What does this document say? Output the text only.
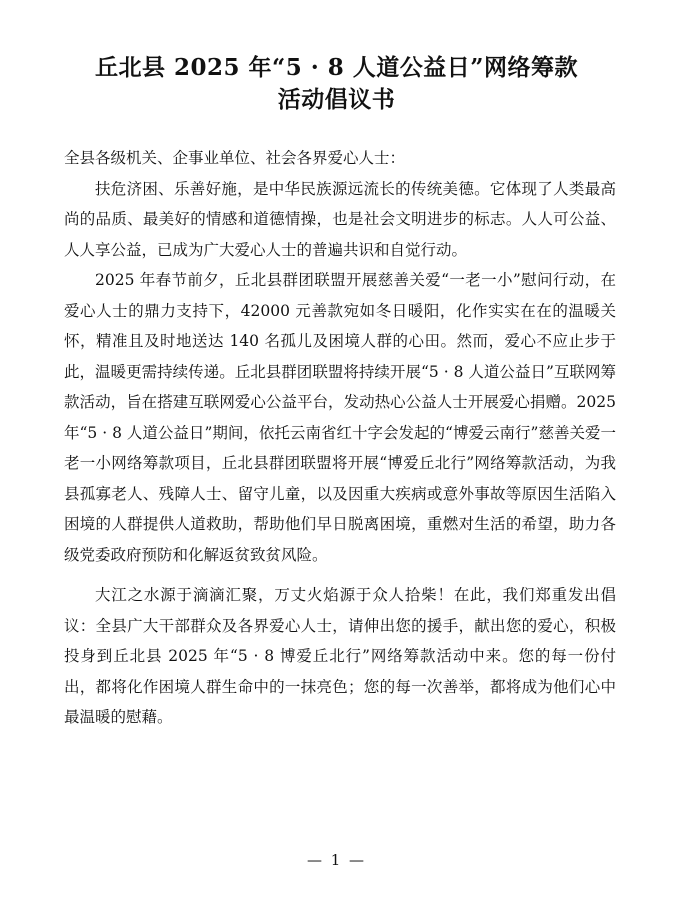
丘北县 2025 年“5 · 8 人道公益日”网络筹款
活动倡议书

全县各级机关、企事业单位、社会各界爱心人士：

扶危济困、乐善好施，是中华民族源远流长的传统美德。它体现了人类最高尚的品质、最美好的情感和道德情操，也是社会文明进步的标志。人人可公益、人人享公益，已成为广大爱心人士的普遍共识和自觉行动。

2025 年春节前夕，丘北县群团联盟开展慈善关爱“一老一小”慰问行动，在爱心人士的鼎力支持下，42000 元善款宛如冬日暖阳，化作实实在在的温暖关怀，精准且及时地送达 140 名孤儿及困境人群的心田。然而，爱心不应止步于此，温暖更需持续传递。丘北县群团联盟将持续开展“5 · 8 人道公益日”互联网筹款活动，旨在搭建互联网爱心公益平台，发动热心公益人士开展爱心捐赠。2025 年“5 · 8 人道公益日”期间，依托云南省红十字会发起的“博爱云南行”慈善关爱一老一小网络筹款项目，丘北县群团联盟将开展“博爱丘北行”网络筹款活动，为我县孤寡老人、残障人士、留守儿童，以及因重大疾病或意外事故等原因生活陷入困境的人群提供人道救助，帮助他们早日脱离困境，重燃对生活的希望，助力各级党委政府预防和化解返贫致贫风险。

大江之水源于滴滴汇聚，万丈火焰源于众人拾柴！在此，我们郑重发出倡议：全县广大干部群众及各界爱心人士，请伸出您的援手，献出您的爱心，积极投身到丘北县 2025 年“5 · 8 博爱丘北行”网络筹款活动中来。您的每一份付出，都将化作困境人群生命中的一抹亮色；您的每一次善举，都将成为他们心中最温暖的慰藉。

— 1 —
